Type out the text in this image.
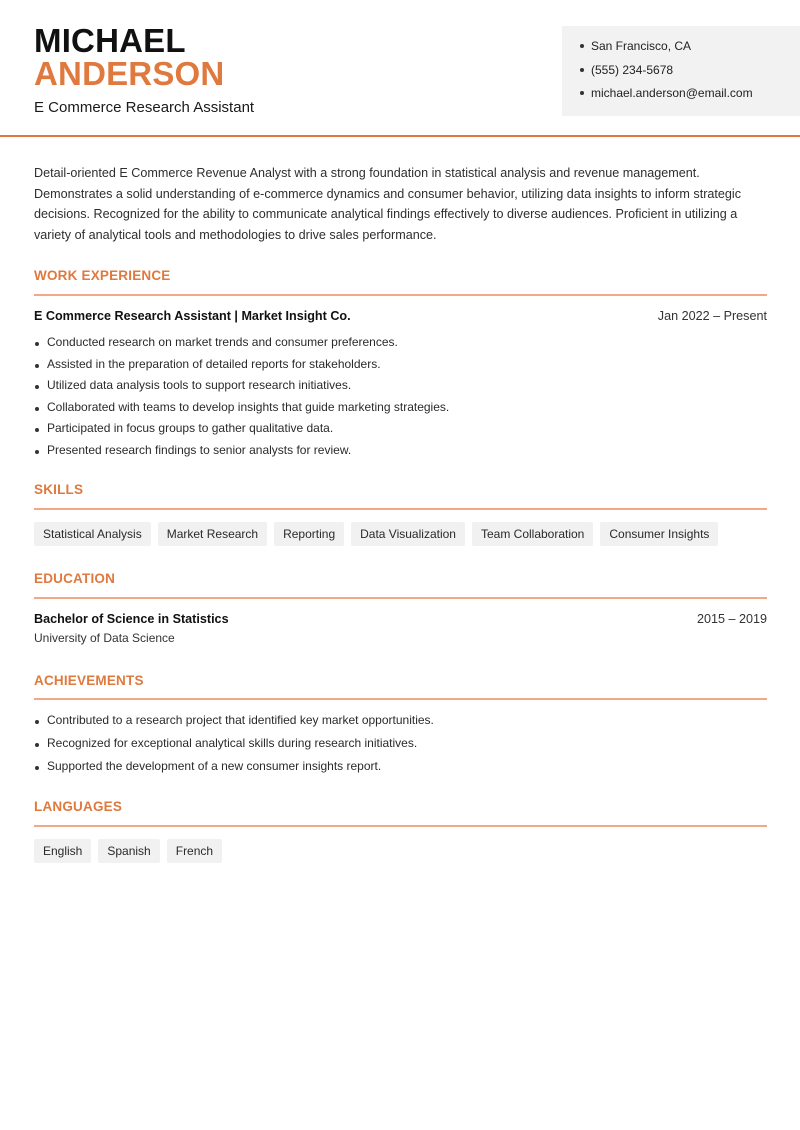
MICHAEL
ANDERSON
E Commerce Research Assistant
San Francisco, CA
(555) 234-5678
michael.anderson@email.com
Detail-oriented E Commerce Revenue Analyst with a strong foundation in statistical analysis and revenue management. Demonstrates a solid understanding of e-commerce dynamics and consumer behavior, utilizing data insights to inform strategic decisions. Recognized for the ability to communicate analytical findings effectively to diverse audiences. Proficient in utilizing a variety of analytical tools and methodologies to drive sales performance.
WORK EXPERIENCE
E Commerce Research Assistant | Market Insight Co.	Jan 2022 – Present
Conducted research on market trends and consumer preferences.
Assisted in the preparation of detailed reports for stakeholders.
Utilized data analysis tools to support research initiatives.
Collaborated with teams to develop insights that guide marketing strategies.
Participated in focus groups to gather qualitative data.
Presented research findings to senior analysts for review.
SKILLS
Statistical Analysis	Market Research	Reporting	Data Visualization	Team Collaboration	Consumer Insights
EDUCATION
Bachelor of Science in Statistics	2015 – 2019
University of Data Science
ACHIEVEMENTS
Contributed to a research project that identified key market opportunities.
Recognized for exceptional analytical skills during research initiatives.
Supported the development of a new consumer insights report.
LANGUAGES
English	Spanish	French
